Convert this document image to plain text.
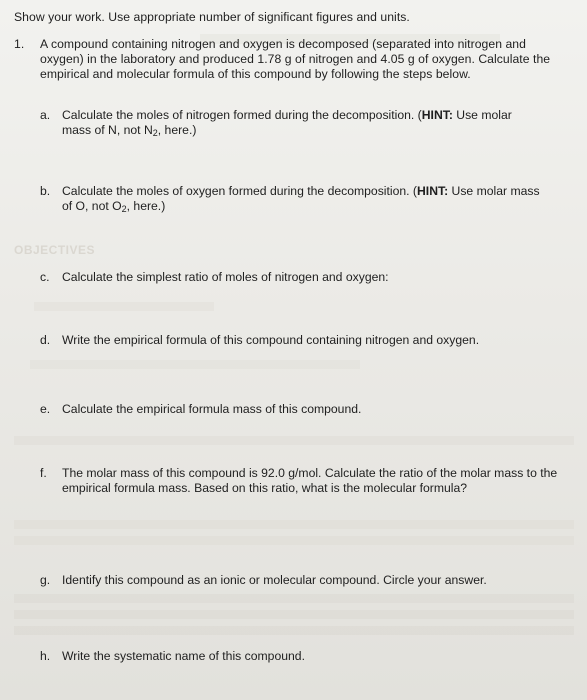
OBJECTIVES
Show your work. Use appropriate number of significant figures and units.
1. A compound containing nitrogen and oxygen is decomposed (separated into nitrogen and oxygen) in the laboratory and produced 1.78 g of nitrogen and 4.05 g of oxygen. Calculate the empirical and molecular formula of this compound by following the steps below.
a. Calculate the moles of nitrogen formed during the decomposition. (HINT: Use molar mass of N, not $N_2$, here.)
b. Calculate the moles of oxygen formed during the decomposition. (HINT: Use molar mass of O, not $O_2$, here.)
c. Calculate the simplest ratio of moles of nitrogen and oxygen:
d. Write the empirical formula of this compound containing nitrogen and oxygen.
e. Calculate the empirical formula mass of this compound.
f. The molar mass of this compound is 92.0 g/mol. Calculate the ratio of the molar mass to the empirical formula mass. Based on this ratio, what is the molecular formula?
g. Identify this compound as an ionic or molecular compound. Circle your answer.
h. Write the systematic name of this compound.
